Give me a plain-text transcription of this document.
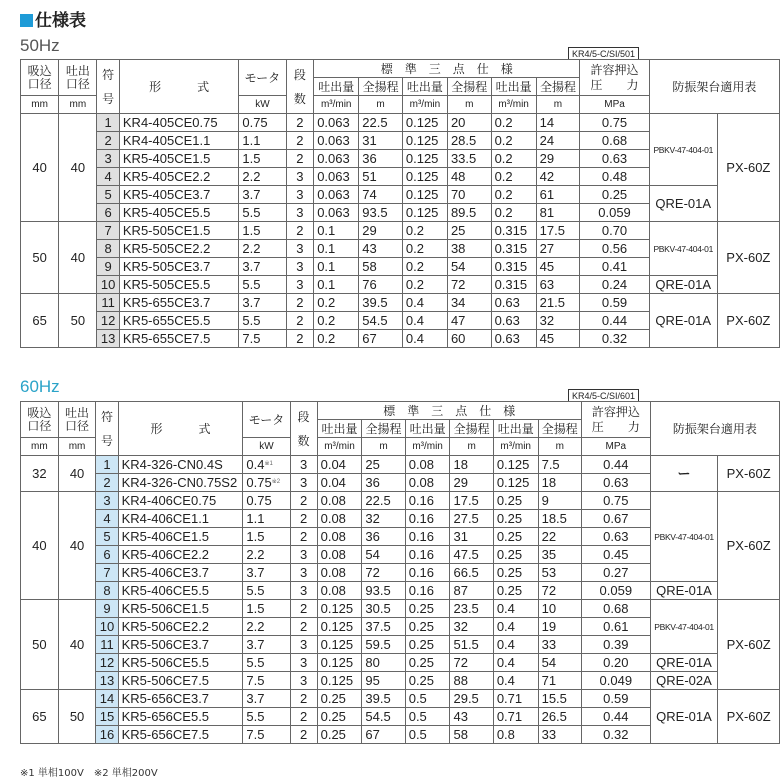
仕様表
50Hz	KR4/5-C/SI/501
吸込
口径	吐出
口径	符
号	形　　　式	モータ	段
数	標　準　三　点　仕　様						許容押込
圧　　力	防振架台適用表	
						吐出量	全揚程	吐出量	全揚程	吐出量	全揚程			
mm	mm			kW		m³/min	m	m³/min	m	m³/min	m	MPa		
40	40	1	KR4-405CE0.75	0.75	2	0.063	22.5	0.125	20	0.2	14	0.75	PBKV-47-404-01	PX-60Z
		2	KR4-405CE1.1	1.1	2	0.063	31	0.125	28.5	0.2	24	0.68		
		3	KR5-405CE1.5	1.5	2	0.063	36	0.125	33.5	0.2	29	0.63		
		4	KR5-405CE2.2	2.2	3	0.063	51	0.125	48	0.2	42	0.48		
		5	KR5-405CE3.7	3.7	3	0.063	74	0.125	70	0.2	61	0.25	QRE-01A	
		6	KR5-405CE5.5	5.5	3	0.063	93.5	0.125	89.5	0.2	81	0.059		
50	40	7	KR5-505CE1.5	1.5	2	0.1	29	0.2	25	0.315	17.5	0.70	PBKV-47-404-01	PX-60Z
		8	KR5-505CE2.2	2.2	3	0.1	43	0.2	38	0.315	27	0.56		
		9	KR5-505CE3.7	3.7	3	0.1	58	0.2	54	0.315	45	0.41		
		10	KR5-505CE5.5	5.5	3	0.1	76	0.2	72	0.315	63	0.24	QRE-01A	
65	50	11	KR5-655CE3.7	3.7	2	0.2	39.5	0.4	34	0.63	21.5	0.59	QRE-01A	PX-60Z
		12	KR5-655CE5.5	5.5	2	0.2	54.5	0.4	47	0.63	32	0.44		
		13	KR5-655CE7.5	7.5	2	0.2	67	0.4	60	0.63	45	0.32		
60Hz	KR4/5-C/SI/601
吸込
口径	吐出
口径	符
号	形　　　式	モータ	段
数	標　準　三　点　仕　様						許容押込
圧　　力	防振架台適用表	
						吐出量	全揚程	吐出量	全揚程	吐出量	全揚程			
mm	mm			kW		m³/min	m	m³/min	m	m³/min	m	MPa		
32	40	1	KR4-326-CN0.4S	0.4$^{※1}$	3	0.04	25	0.08	18	0.125	7.5	0.44	ー	PX-60Z
		2	KR4-326-CN0.75S2	0.75$^{※2}$	3	0.04	36	0.08	29	0.125	18	0.63		
40	40	3	KR4-406CE0.75	0.75	2	0.08	22.5	0.16	17.5	0.25	9	0.75	PBKV-47-404-01	PX-60Z
		4	KR4-406CE1.1	1.1	2	0.08	32	0.16	27.5	0.25	18.5	0.67		
		5	KR5-406CE1.5	1.5	2	0.08	36	0.16	31	0.25	22	0.63		
		6	KR5-406CE2.2	2.2	3	0.08	54	0.16	47.5	0.25	35	0.45		
		7	KR5-406CE3.7	3.7	3	0.08	72	0.16	66.5	0.25	53	0.27		
		8	KR5-406CE5.5	5.5	3	0.08	93.5	0.16	87	0.25	72	0.059	QRE-01A	
50	40	9	KR5-506CE1.5	1.5	2	0.125	30.5	0.25	23.5	0.4	10	0.68	PBKV-47-404-01	PX-60Z
		10	KR5-506CE2.2	2.2	2	0.125	37.5	0.25	32	0.4	19	0.61		
		11	KR5-506CE3.7	3.7	3	0.125	59.5	0.25	51.5	0.4	33	0.39		
		12	KR5-506CE5.5	5.5	3	0.125	80	0.25	72	0.4	54	0.20	QRE-01A	
		13	KR5-506CE7.5	7.5	3	0.125	95	0.25	88	0.4	71	0.049	QRE-02A	
65	50	14	KR5-656CE3.7	3.7	2	0.25	39.5	0.5	29.5	0.71	15.5	0.59	QRE-01A	PX-60Z
		15	KR5-656CE5.5	5.5	2	0.25	54.5	0.5	43	0.71	26.5	0.44		
		16	KR5-656CE7.5	7.5	2	0.25	67	0.5	58	0.8	33	0.32		
※1 単相100V　※2 単相200V
